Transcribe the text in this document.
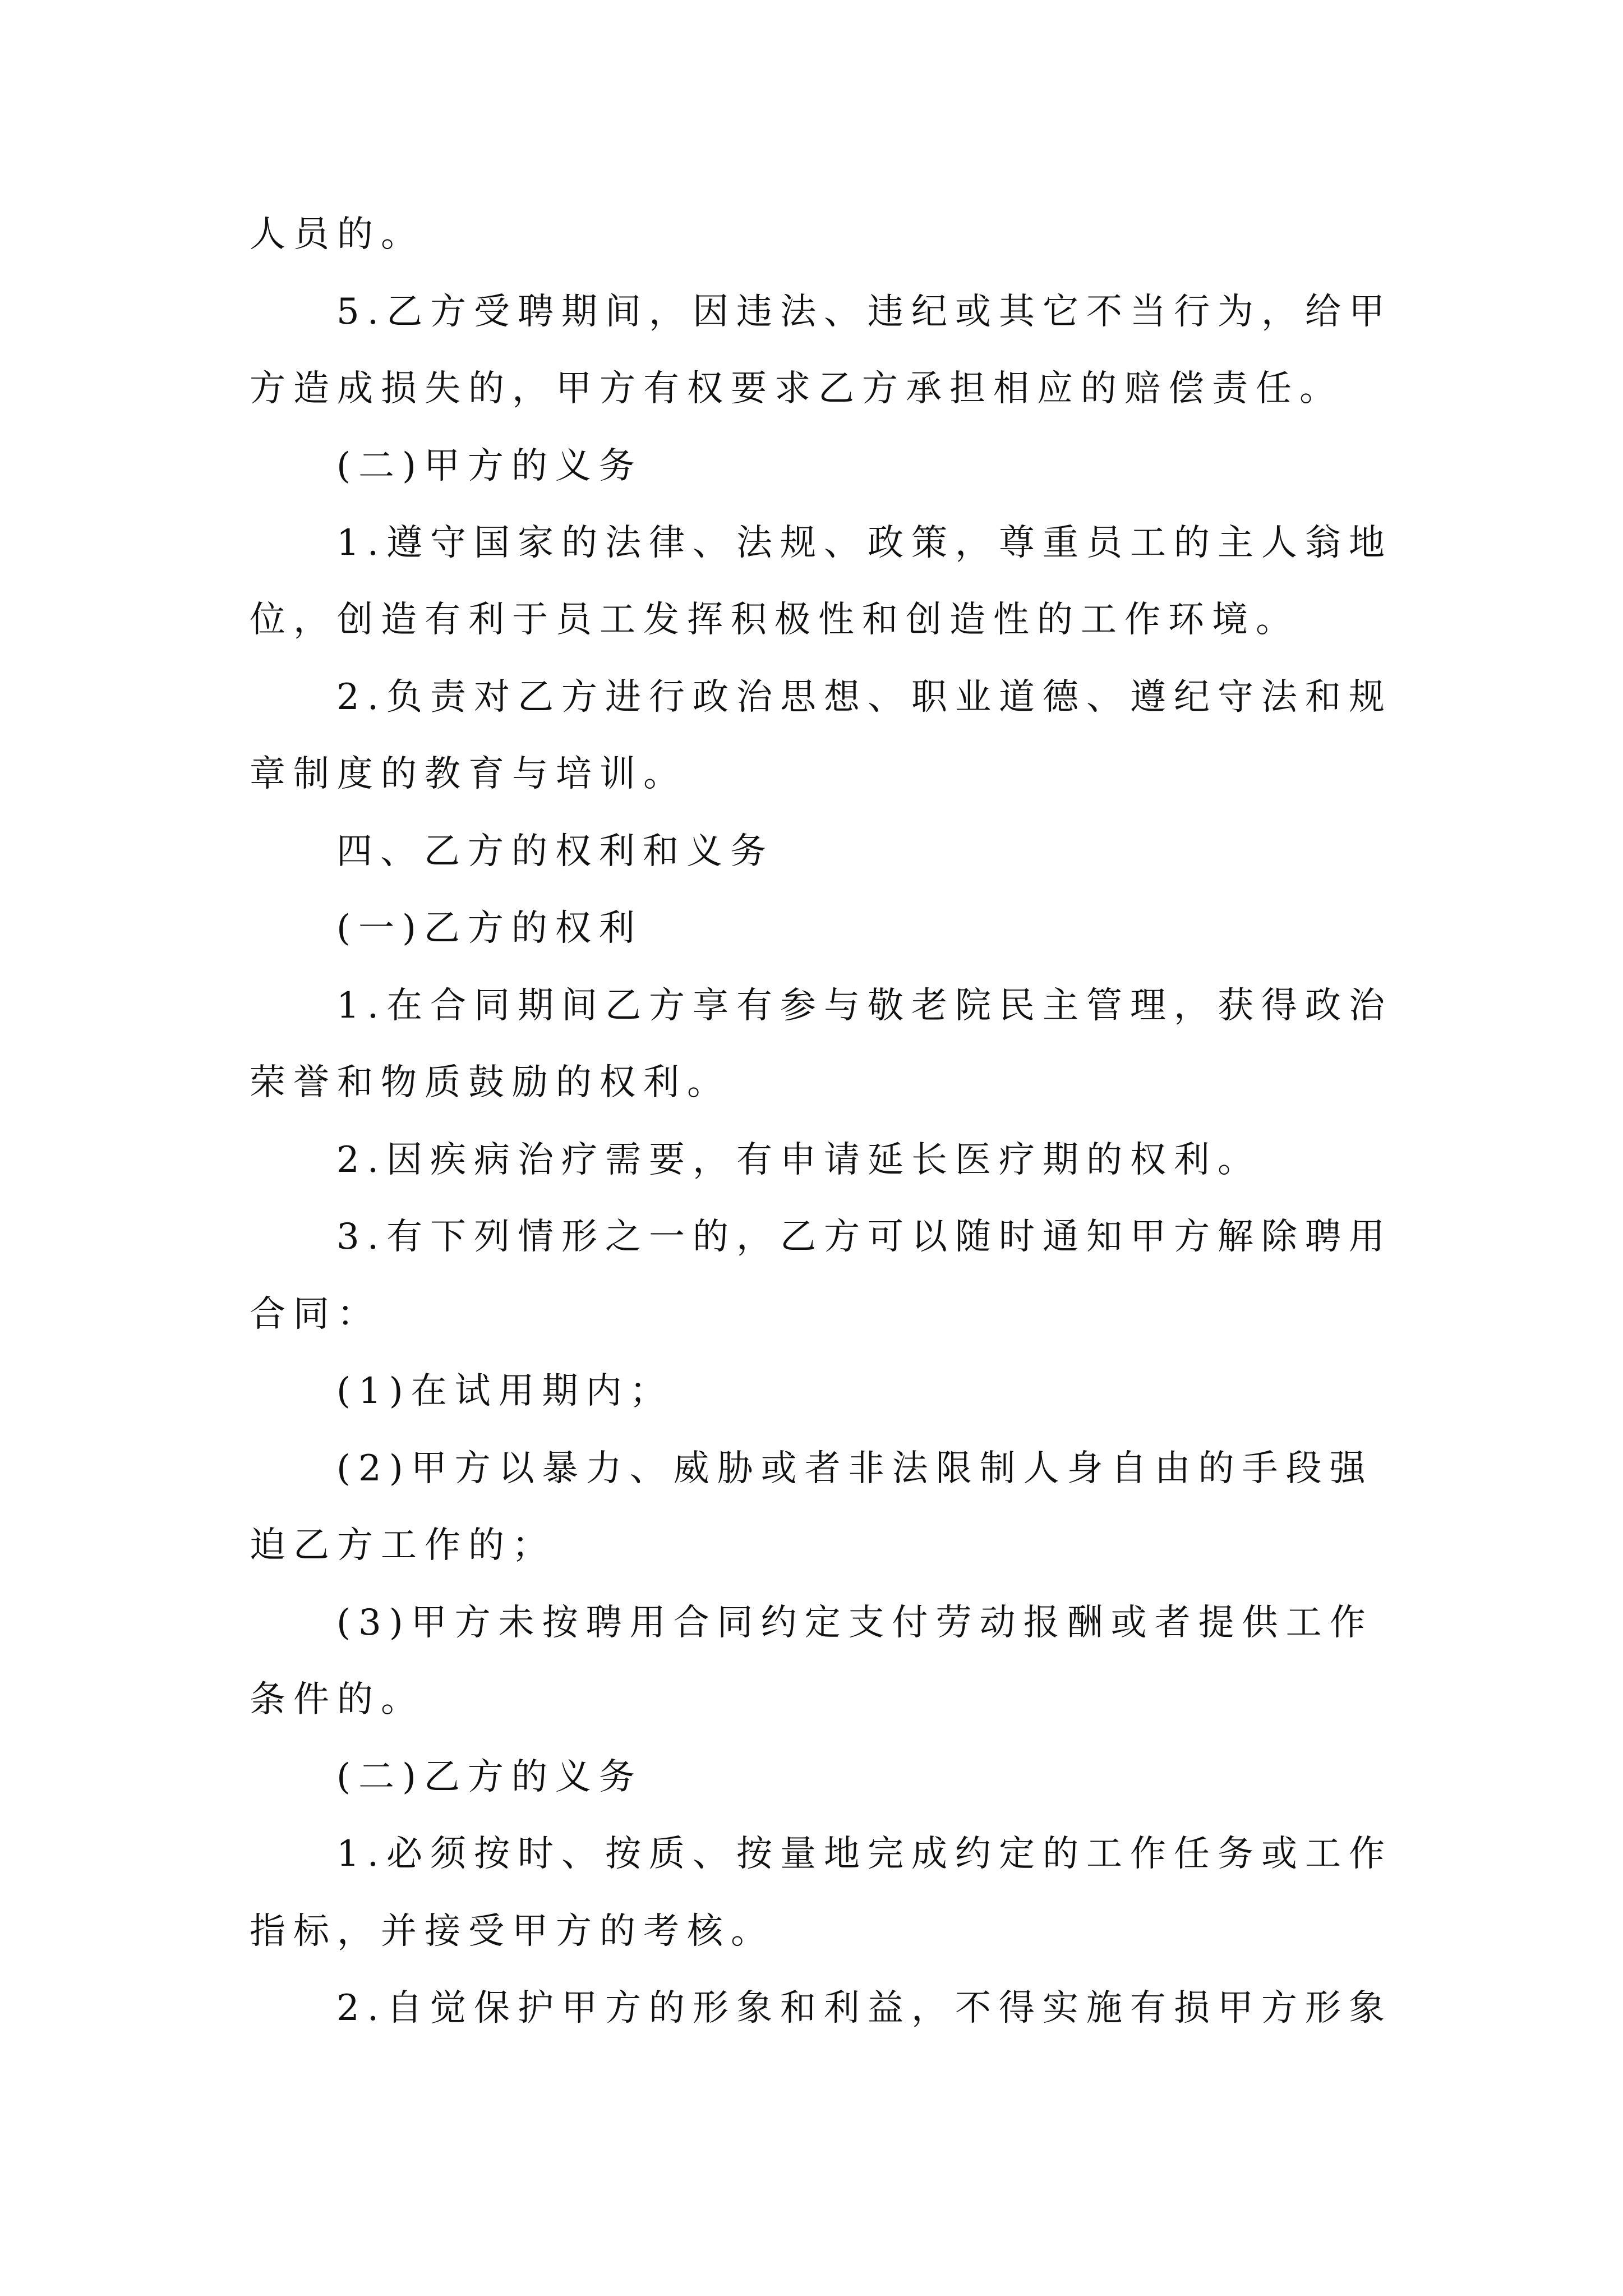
人员的。
5.乙方受聘期间，因违法、违纪或其它不当行为，给甲
方造成损失的，甲方有权要求乙方承担相应的赔偿责任。
(二)甲方的义务
1.遵守国家的法律、法规、政策，尊重员工的主人翁地
位，创造有利于员工发挥积极性和创造性的工作环境。
2.负责对乙方进行政治思想、职业道德、遵纪守法和规
章制度的教育与培训。
四、乙方的权利和义务
(一)乙方的权利
1.在合同期间乙方享有参与敬老院民主管理，获得政治
荣誉和物质鼓励的权利。
2.因疾病治疗需要，有申请延长医疗期的权利。
3.有下列情形之一的，乙方可以随时通知甲方解除聘用
合同：
(1)在试用期内；
(2)甲方以暴力、威胁或者非法限制人身自由的手段强
迫乙方工作的；
(3)甲方未按聘用合同约定支付劳动报酬或者提供工作
条件的。
(二)乙方的义务
1.必须按时、按质、按量地完成约定的工作任务或工作
指标，并接受甲方的考核。
2.自觉保护甲方的形象和利益，不得实施有损甲方形象
